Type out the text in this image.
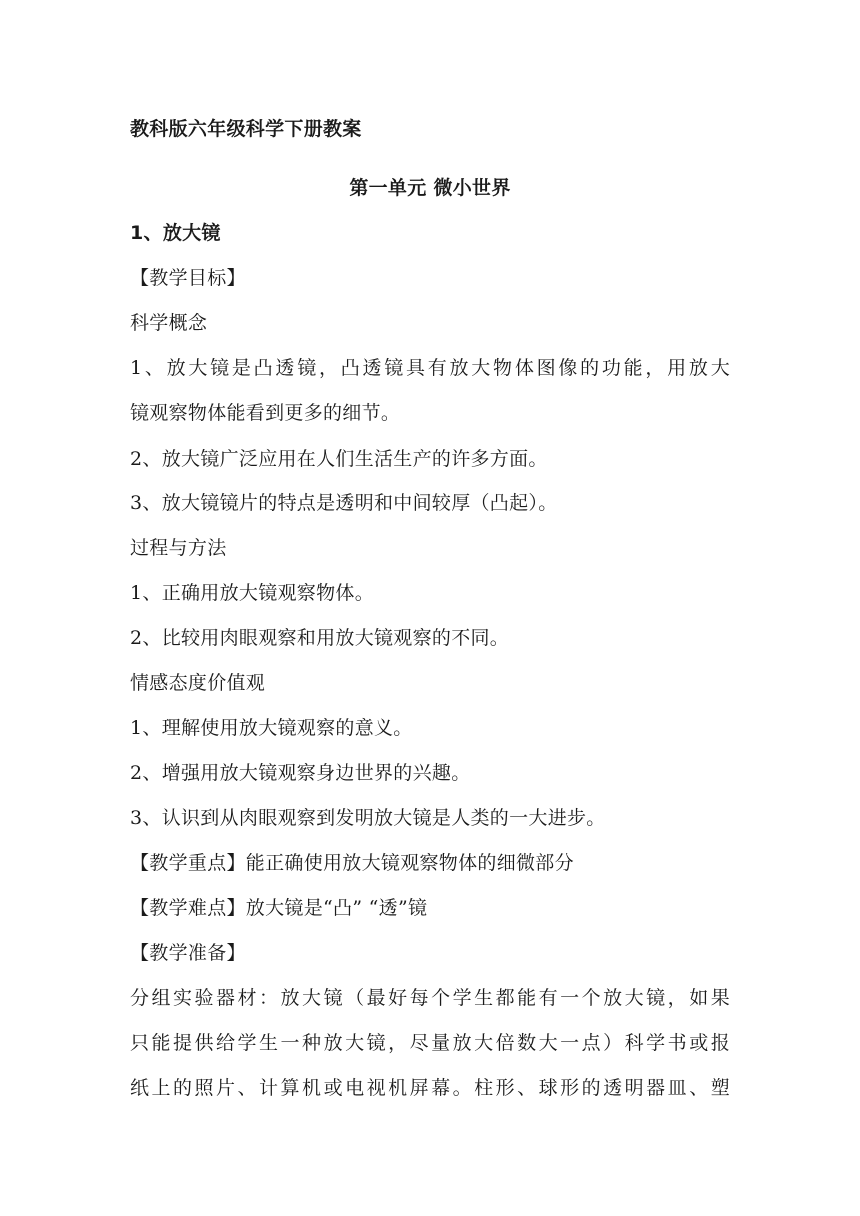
教科版六年级科学下册教案
第一单元 微小世界
1、放大镜
【教学目标】
科学概念
1、放大镜是凸透镜，凸透镜具有放大物体图像的功能，用放大
镜观察物体能看到更多的细节。
2、放大镜广泛应用在人们生活生产的许多方面。
3、放大镜镜片的特点是透明和中间较厚（凸起）。
过程与方法
1、正确用放大镜观察物体。
2、比较用肉眼观察和用放大镜观察的不同。
情感态度价值观
1、理解使用放大镜观察的意义。
2、增强用放大镜观察身边世界的兴趣。
3、认识到从肉眼观察到发明放大镜是人类的一大进步。
【教学重点】能正确使用放大镜观察物体的细微部分
【教学难点】放大镜是“凸” “透”镜
【教学准备】
分组实验器材：放大镜（最好每个学生都能有一个放大镜，如果
只能提供给学生一种放大镜，尽量放大倍数大一点）科学书或报
纸上的照片、计算机或电视机屏幕。柱形、球形的透明器皿、塑
